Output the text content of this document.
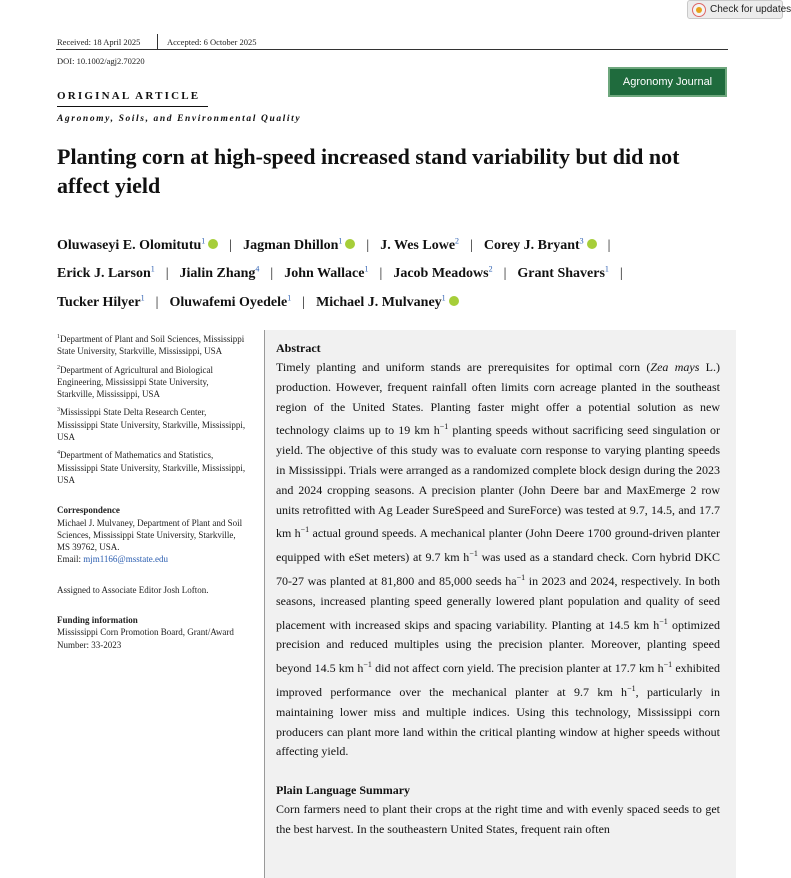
Check for updates
Received: 18 April 2025	Accepted: 6 October 2025
DOI: 10.1002/agj2.70220
Agronomy Journal
ORIGINAL ARTICLE
Agronomy, Soils, and Environmental Quality
Planting corn at high-speed increased stand variability but did not affect yield
Oluwaseyi E. Olomitutu$^1$ iD | Jagman Dhillon$^1$ iD | J. Wes Lowe$^2$ | Corey J. Bryant$^3$ iD |
Erick J. Larson$^1$ | Jialin Zhang$^4$ | John Wallace$^1$ | Jacob Meadows$^2$ | Grant Shavers$^1$ |
Tucker Hilyer$^1$ | Oluwafemi Oyedele$^1$ | Michael J. Mulvaney$^1$iD
$^1$Department of Plant and Soil Sciences, Mississippi State University, Starkville, Mississippi, USA
$^2$Department of Agricultural and Biological Engineering, Mississippi State University, Starkville, Mississippi, USA
$^3$Mississippi State Delta Research Center, Mississippi State University, Starkville, Mississippi, USA
$^4$Department of Mathematics and Statistics, Mississippi State University, Starkville, Mississippi, USA
Correspondence
Michael J. Mulvaney, Department of Plant and Soil Sciences, Mississippi State University, Starkville, MS 39762, USA.
Email: mjm1166@msstate.edu
Assigned to Associate Editor Josh Lofton.
Funding information
Mississippi Corn Promotion Board, Grant/Award Number: 33-2023
Abstract
Timely planting and uniform stands are prerequisites for optimal corn (Zea mays L.) production. However, frequent rainfall often limits corn acreage planted in the southeast region of the United States. Planting faster might offer a potential solution as new technology claims up to 19 km $h^{-1}$ planting speeds without sacrificing seed singulation or yield. The objective of this study was to evaluate corn response to varying planting speeds in Mississippi. Trials were arranged as a randomized complete block design during the 2023 and 2024 cropping seasons. A precision planter (John Deere bar and MaxEmerge 2 row units retrofitted with Ag Leader SureSpeed and SureForce) was tested at 9.7, 14.5, and 17.7 km $h^{-1}$ actual ground speeds. A mechanical planter (John Deere 1700 ground-driven planter equipped with eSet meters) at 9.7 km $h^{-1}$ was used as a standard check. Corn hybrid DKC 70-27 was planted at 81,800 and 85,000 seeds $ha^{-1}$ in 2023 and 2024, respectively. In both seasons, increased planting speed generally lowered plant population and quality of seed placement with increased skips and spacing variability. Planting at 14.5 km $h^{-1}$ optimized precision and reduced multiples using the precision planter. Moreover, planting speed beyond 14.5 km $h^{-1}$ did not affect corn yield. The precision planter at 17.7 km $h^{-1}$ exhibited improved performance over the mechanical planter at 9.7 km $h^{-1}$, particularly in maintaining lower miss and multiple indices. Using this technology, Mississippi corn producers can plant more land within the critical planting window at higher speeds without affecting yield.
Plain Language Summary
Corn farmers need to plant their crops at the right time and with evenly spaced seeds to get the best harvest. In the southeastern United States, frequent rain often
